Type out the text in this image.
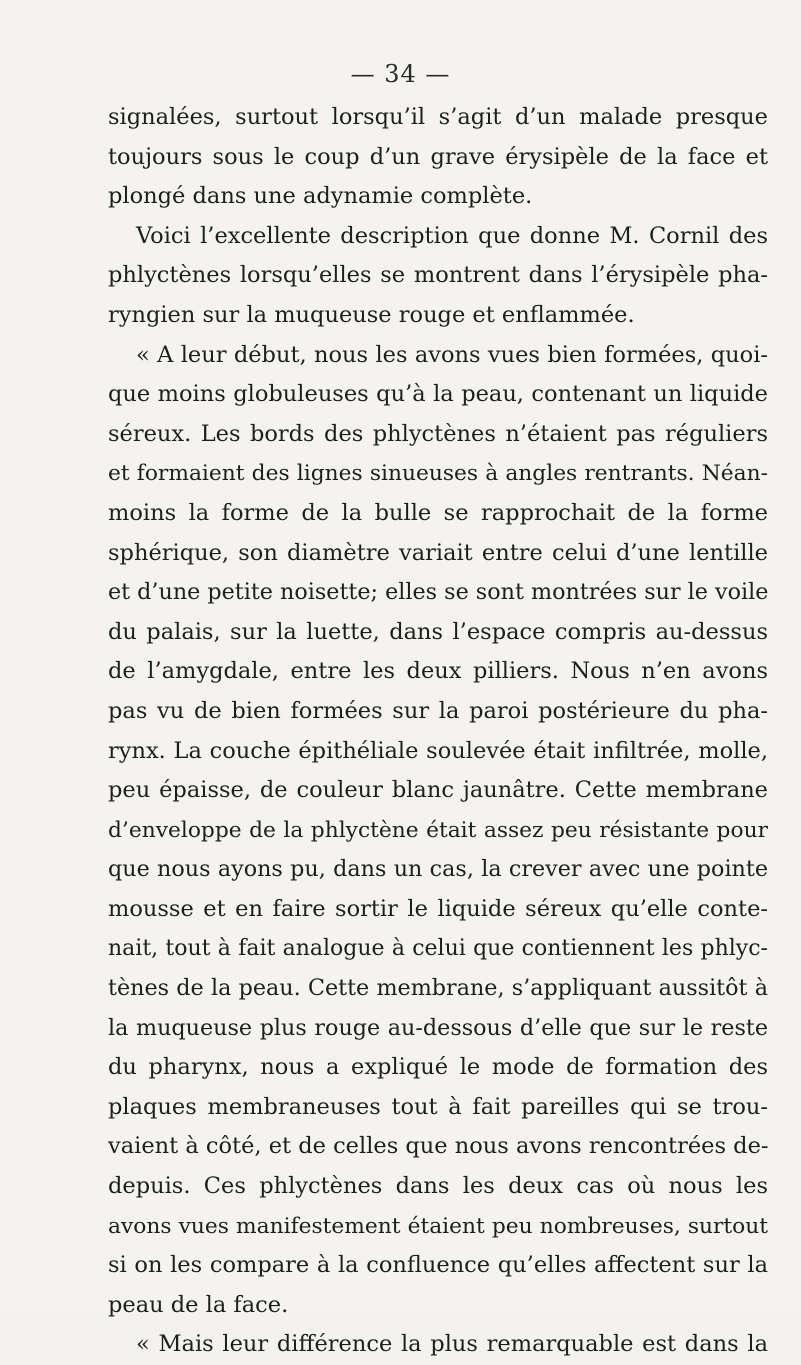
— 34 —
signalées, surtout lorsqu’il s’agit d’un malade presque
toujours sous le coup d’un grave érysipèle de la face et
plongé dans une adynamie complète.
Voici l’excellente description que donne M. Cornil des
phlyctènes lorsqu’elles se montrent dans l’érysipèle pha-
ryngien sur la muqueuse rouge et enflammée.
« A leur début, nous les avons vues bien formées, quoi-
que moins globuleuses qu’à la peau, contenant un liquide
séreux. Les bords des phlyctènes n’étaient pas réguliers
et formaient des lignes sinueuses à angles rentrants. Néan-
moins la forme de la bulle se rapprochait de la forme
sphérique, son diamètre variait entre celui d’une lentille
et d’une petite noisette; elles se sont montrées sur le voile
du palais, sur la luette, dans l’espace compris au-dessus
de l’amygdale, entre les deux pilliers. Nous n’en avons
pas vu de bien formées sur la paroi postérieure du pha-
rynx. La couche épithéliale soulevée était infiltrée, molle,
peu épaisse, de couleur blanc jaunâtre. Cette membrane
d’enveloppe de la phlyctène était assez peu résistante pour
que nous ayons pu, dans un cas, la crever avec une pointe
mousse et en faire sortir le liquide séreux qu’elle conte-
nait, tout à fait analogue à celui que contiennent les phlyc-
tènes de la peau. Cette membrane, s’appliquant aussitôt à
la muqueuse plus rouge au-dessous d’elle que sur le reste
du pharynx, nous a expliqué le mode de formation des
plaques membraneuses tout à fait pareilles qui se trou-
vaient à côté, et de celles que nous avons rencontrées de-
depuis. Ces phlyctènes dans les deux cas où nous les
avons vues manifestement étaient peu nombreuses, surtout
si on les compare à la confluence qu’elles affectent sur la
peau de la face.
« Mais leur différence la plus remarquable est dans la
